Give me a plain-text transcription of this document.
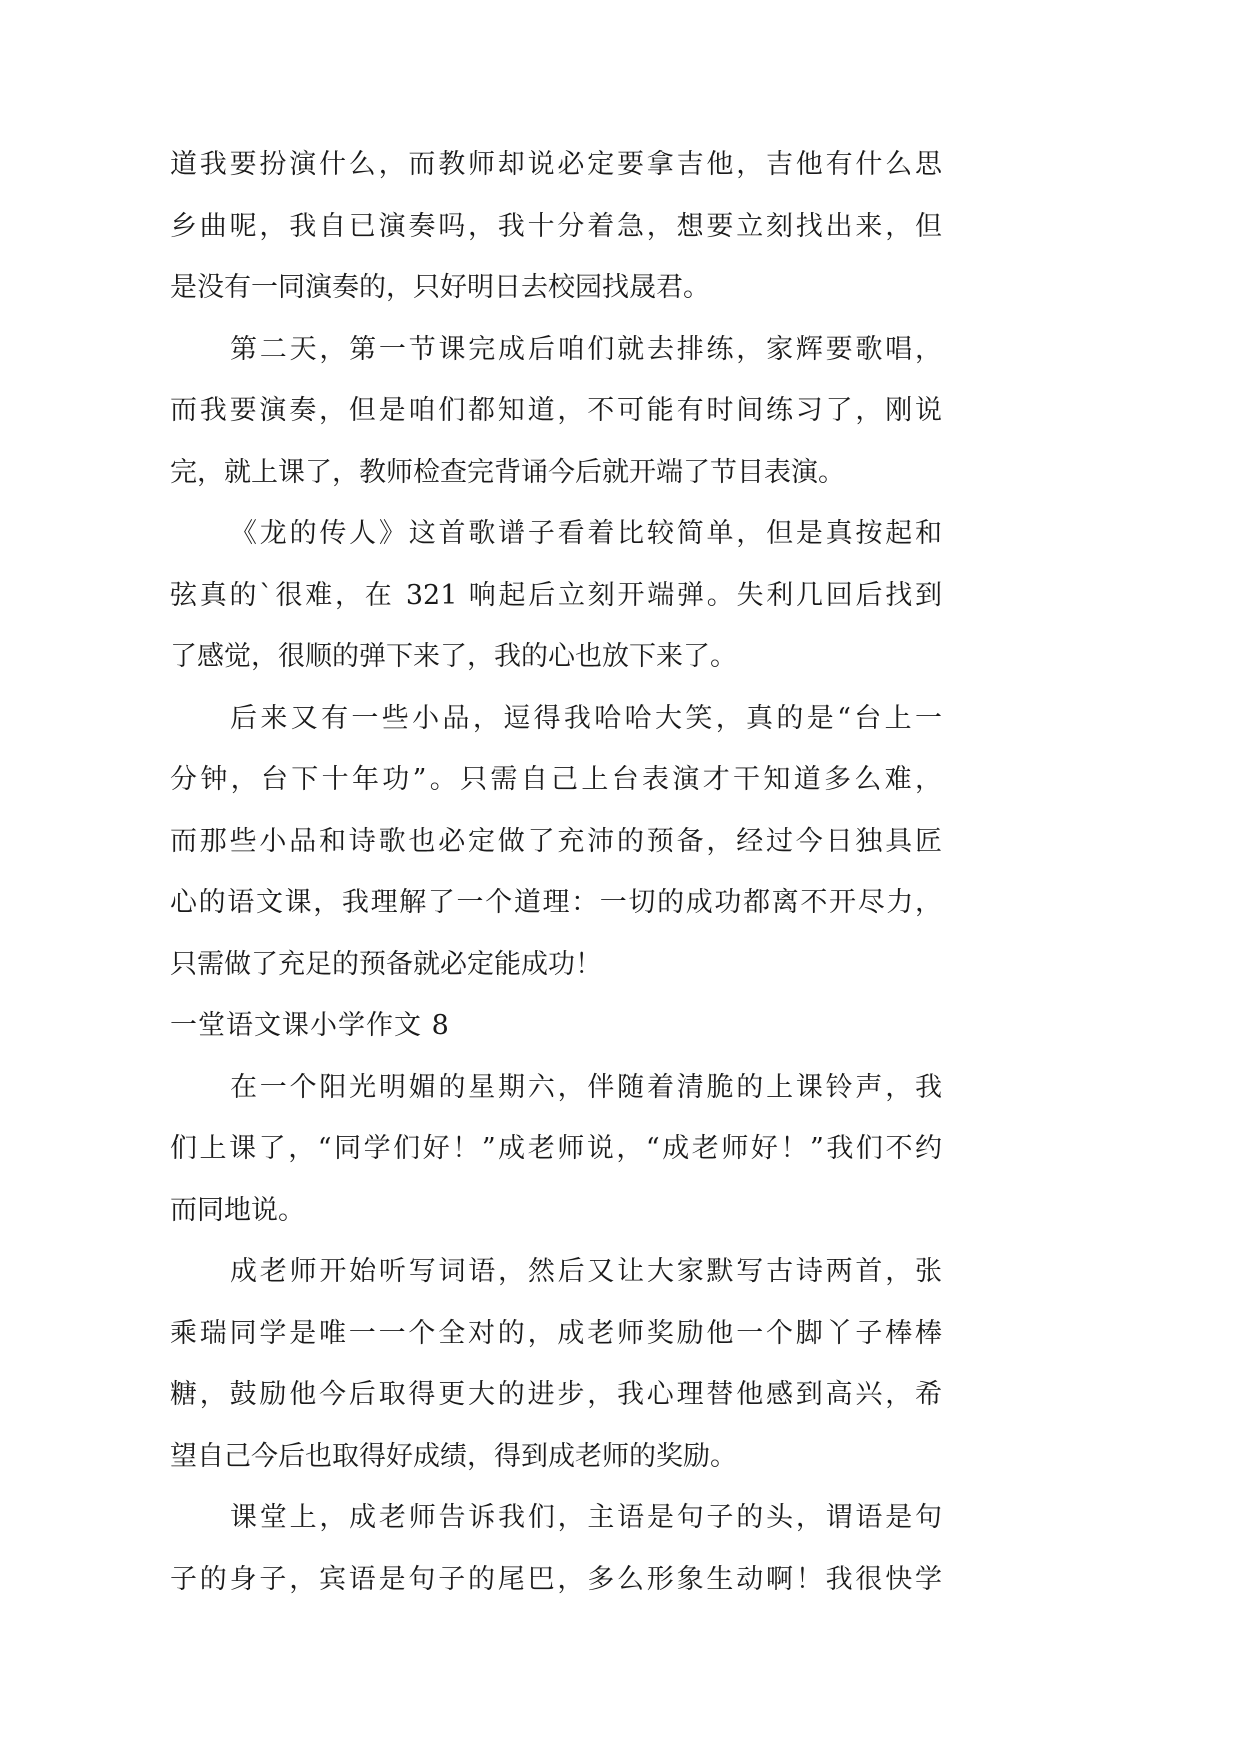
道我要扮演什么，而教师却说必定要拿吉他，吉他有什么思
乡曲呢，我自已演奏吗，我十分着急，想要立刻找出来，但
是没有一同演奏的，只好明日去校园找晟君。
第二天，第一节课完成后咱们就去排练，家辉要歌唱，
而我要演奏，但是咱们都知道，不可能有时间练习了，刚说
完，就上课了，教师检查完背诵今后就开端了节目表演。
《龙的传人》这首歌谱子看着比较简单，但是真按起和
弦真的`很难，在 321 响起后立刻开端弹。失利几回后找到
了感觉，很顺的弹下来了，我的心也放下来了。
后来又有一些小品，逗得我哈哈大笑，真的是“台上一
分钟，台下十年功”。只需自己上台表演才干知道多么难，
而那些小品和诗歌也必定做了充沛的预备，经过今日独具匠
心的语文课，我理解了一个道理：一切的成功都离不开尽力，
只需做了充足的预备就必定能成功！
一堂语文课小学作文 8
在一个阳光明媚的星期六，伴随着清脆的上课铃声，我
们上课了，“同学们好！”成老师说，“成老师好！”我们不约
而同地说。
成老师开始听写词语，然后又让大家默写古诗两首，张
乘瑞同学是唯一一个全对的，成老师奖励他一个脚丫子棒棒
糖，鼓励他今后取得更大的进步，我心理替他感到高兴，希
望自己今后也取得好成绩，得到成老师的奖励。
课堂上，成老师告诉我们，主语是句子的头，谓语是句
子的身子，宾语是句子的尾巴，多么形象生动啊！我很快学
